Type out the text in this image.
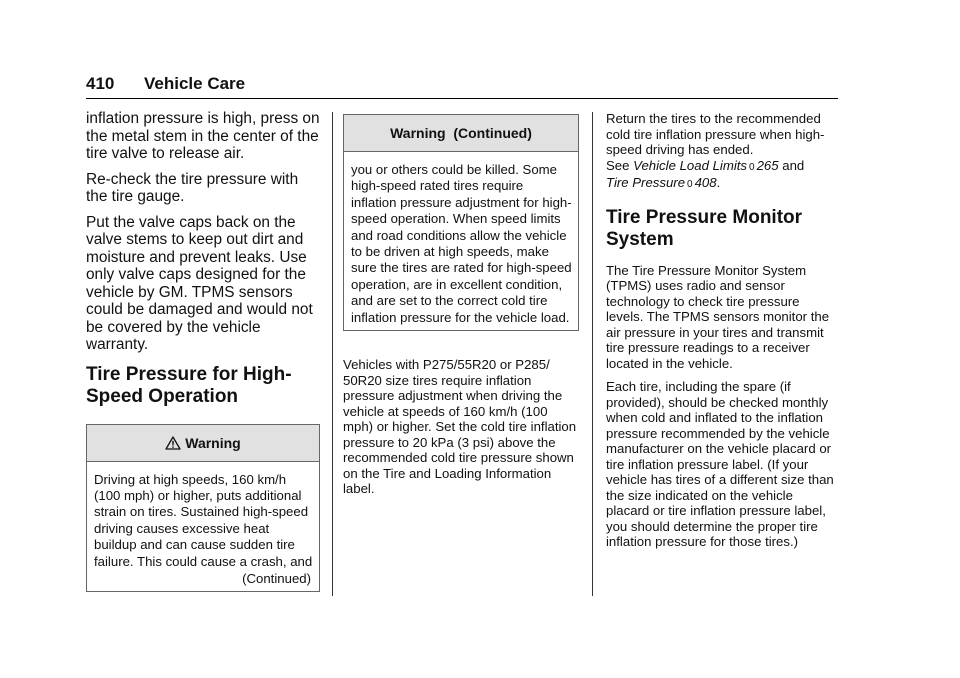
410 Vehicle Care

inflation pressure is high, press on the metal stem in the center of the tire valve to release air.

Re-check the tire pressure with the tire gauge.

Put the valve caps back on the valve stems to keep out dirt and moisture and prevent leaks. Use only valve caps designed for the vehicle by GM. TPMS sensors could be damaged and would not be covered by the vehicle warranty.

Tire Pressure for High-Speed Operation
Warning
Driving at high speeds, 160 km/h (100 mph) or higher, puts additional strain on tires. Sustained high-speed driving causes excessive heat buildup and can cause sudden tire failure. This could cause a crash, and
(Continued)
Warning  (Continued)
you or others could be killed. Some high-speed rated tires require inflation pressure adjustment for high-speed operation. When speed limits and road conditions allow the vehicle to be driven at high speeds, make sure the tires are rated for high-speed operation, are in excellent condition, and are set to the correct cold tire inflation pressure for the vehicle load.

Vehicles with P275/55R20 or P285/ 50R20 size tires require inflation pressure adjustment when driving the vehicle at speeds of 160 km/h (100 mph) or higher. Set the cold tire inflation pressure to 20 kPa (3 psi) above the recommended cold tire pressure shown on the Tire and Loading Information label.

Return the tires to the recommended cold tire inflation pressure when high-speed driving has ended.
See Vehicle Load Limits 0 265 and
Tire Pressure 0 408.

Tire Pressure Monitor System

The Tire Pressure Monitor System (TPMS) uses radio and sensor technology to check tire pressure levels. The TPMS sensors monitor the air pressure in your tires and transmit tire pressure readings to a receiver located in the vehicle.

Each tire, including the spare (if provided), should be checked monthly when cold and inflated to the inflation pressure recommended by the vehicle manufacturer on the vehicle placard or tire inflation pressure label. (If your vehicle has tires of a different size than the size indicated on the vehicle placard or tire inflation pressure label, you should determine the proper tire inflation pressure for those tires.)
